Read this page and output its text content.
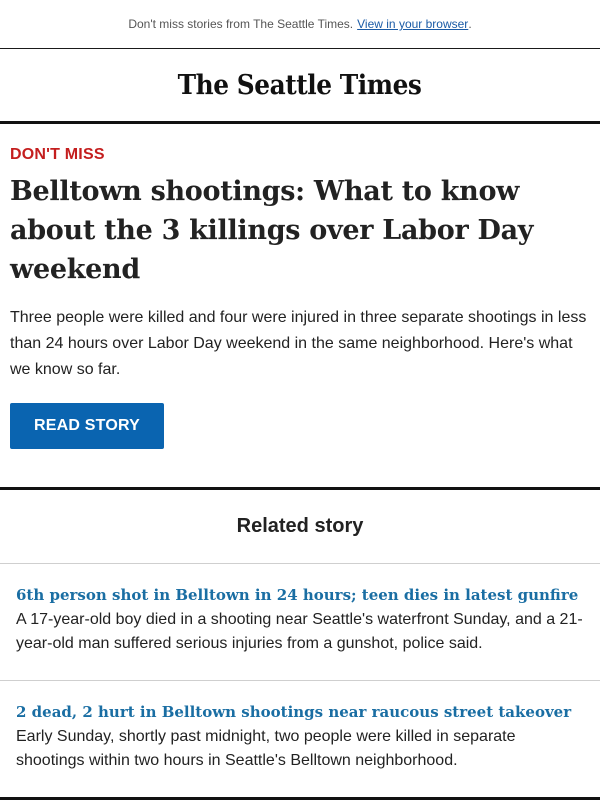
Don't miss stories from The Seattle Times. View in your browser .
The Seattle Times
DON'T MISS
Belltown shootings: What to know about the 3 killings over Labor Day weekend
Three people were killed and four were injured in three separate shootings in less than 24 hours over Labor Day weekend in the same neighborhood. Here's what we know so far.
READ STORY
Related story
6th person shot in Belltown in 24 hours; teen dies in latest gunfire
A 17-year-old boy died in a shooting near Seattle's waterfront Sunday, and a 21-year-old man suffered serious injuries from a gunshot, police said.
2 dead, 2 hurt in Belltown shootings near raucous street takeover
Early Sunday, shortly past midnight, two people were killed in separate shootings within two hours in Seattle's Belltown neighborhood.
